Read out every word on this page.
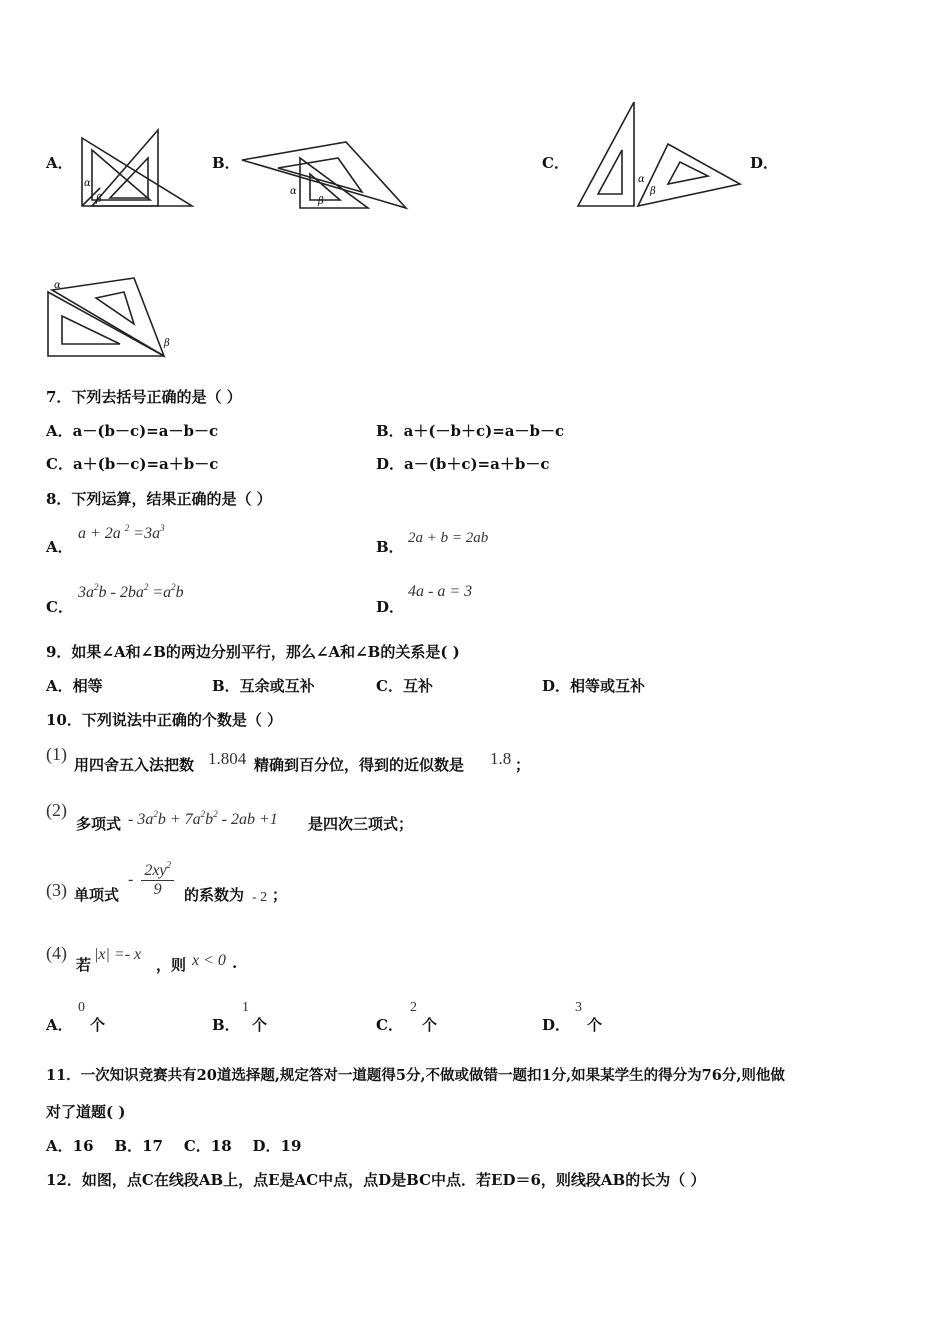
A．	B．	C．	D．
α
β
α
β
α
β
α
β
7．下列去括号正确的是（ ）
A．a－(b－c)=a－b－c	B．a＋(－b＋c)=a－b－c
C．a＋(b－c)=a＋b－c	D．a－(b＋c)=a＋b－c
8．下列运算，结果正确的是（ ）
A．
a + 2a $^2 =3a^3$
B． 2a + b = 2ab
C．
$3a^2b - 2ba^2 =a^2b$
D．
4a - a = 3
9．如果∠A和∠B的两边分别平行，那么∠A和∠B的关系是( )
A．相等	B．互余或互补	C．互补	D．相等或互补
10．下列说法中正确的个数是（ ）
(1)
用四舍五入法把数 1.804 精确到百分位，得到的近似数是 1.8 ；
(2)
多项式 - $3a^2b + 7a^2b^2 - 2ab +1$ 是四次三项式；
(3) 单项式
- $\frac{2xy^2}{9}$ 的系数为 - 2 ；
(4)
若
|x| =- x
，则 x < 0 .
A．
0
个	B．
1
个	C．
2
个	D．
3
个
11．一次知识竞赛共有20道选择题,规定答对一道题得5分,不做或做错一题扣1分,如果某学生的得分为76分,则他做
对了道题( )
A．16    B．17    C．18    D．19
12．如图，点C在线段AB上，点E是AC中点，点D是BC中点．若ED＝6，则线段AB的长为（ ）
